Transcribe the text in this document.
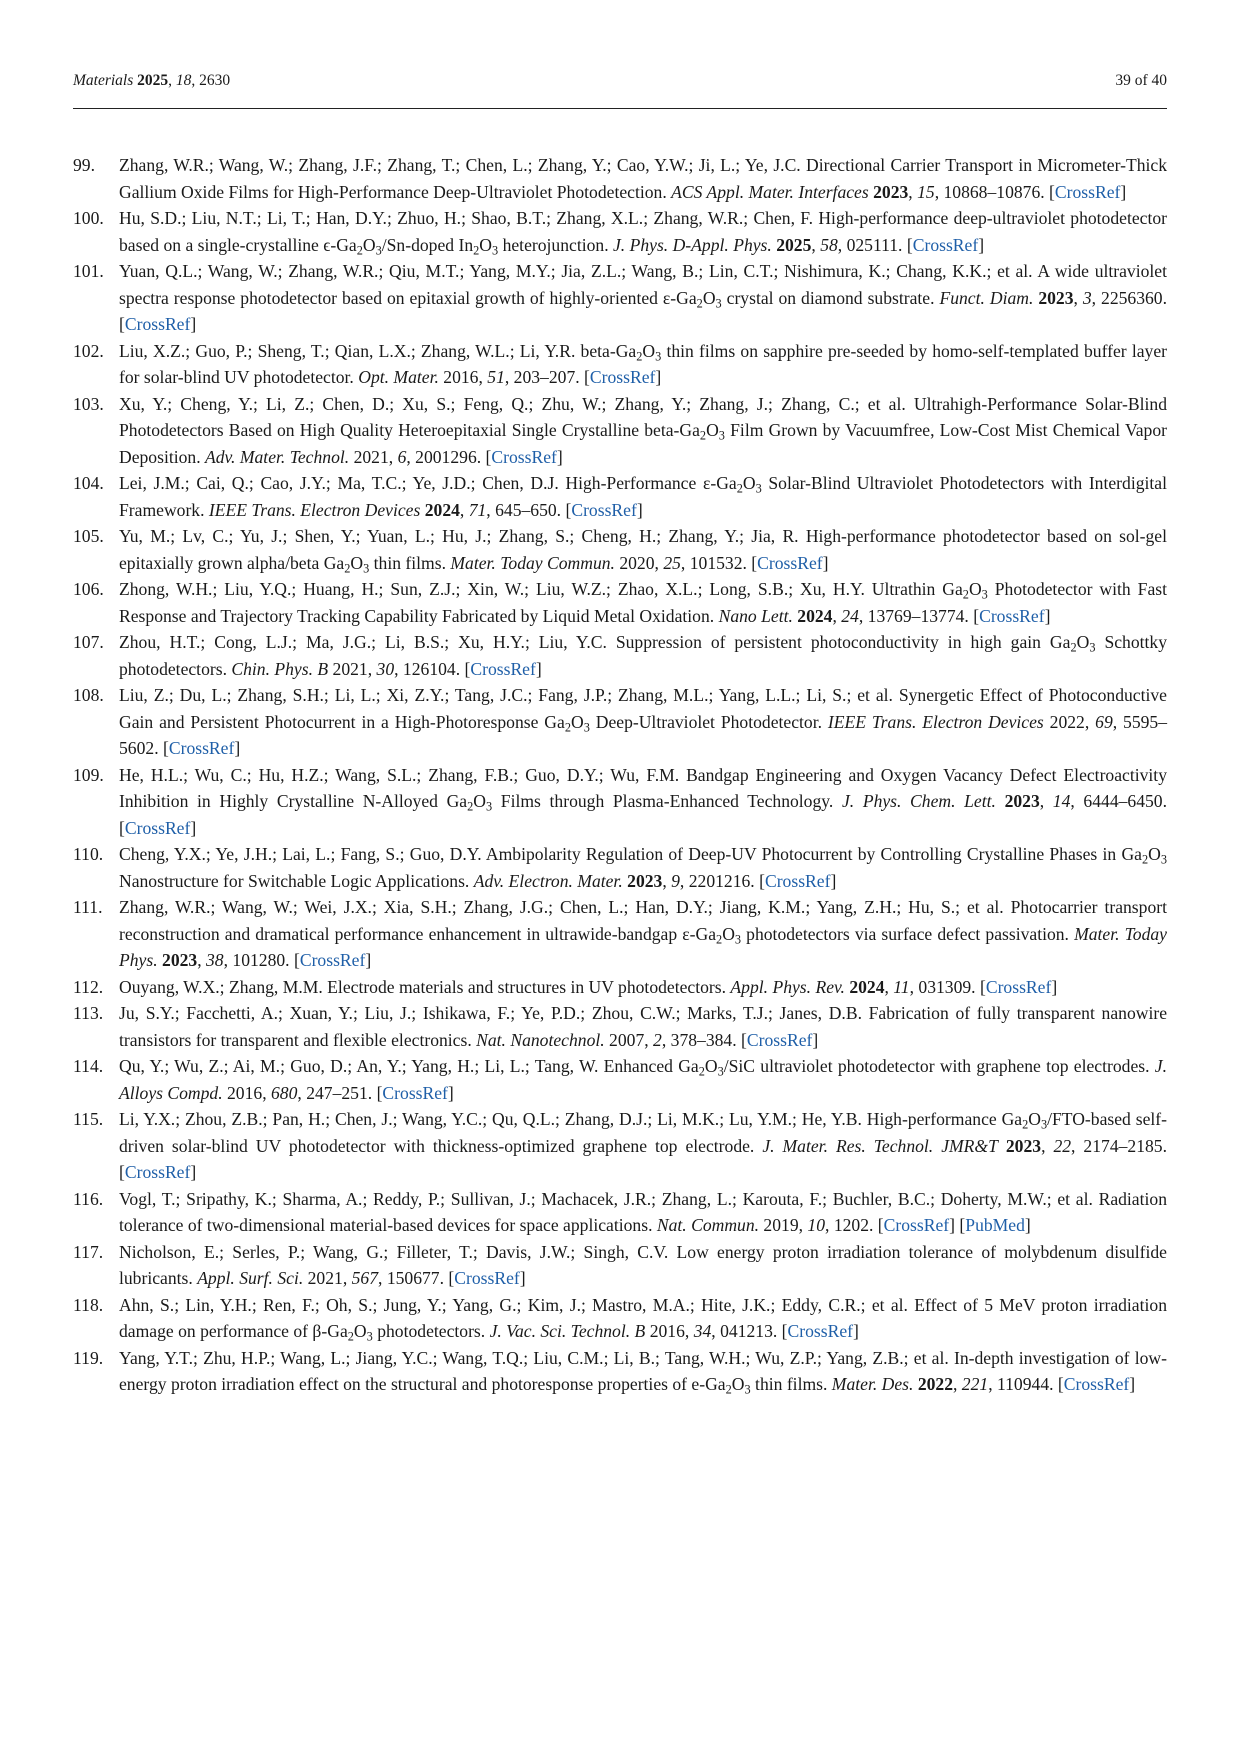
Materials 2025, 18, 2630	39 of 40
99. Zhang, W.R.; Wang, W.; Zhang, J.F.; Zhang, T.; Chen, L.; Zhang, Y.; Cao, Y.W.; Ji, L.; Ye, J.C. Directional Carrier Transport in Micrometer-Thick Gallium Oxide Films for High-Performance Deep-Ultraviolet Photodetection. ACS Appl. Mater. Interfaces 2023, 15, 10868–10876. [CrossRef]
100. Hu, S.D.; Liu, N.T.; Li, T.; Han, D.Y.; Zhuo, H.; Shao, B.T.; Zhang, X.L.; Zhang, W.R.; Chen, F. High-performance deep-ultraviolet photodetector based on a single-crystalline $\epsilon-Ga_2O_3/Sn$-doped $In_2O_3$ heterojunction. J. Phys. D-Appl. Phys. 2025, 58, 025111. [CrossRef]
101. Yuan, Q.L.; Wang, W.; Zhang, W.R.; Qiu, M.T.; Yang, M.Y.; Jia, Z.L.; Wang, B.; Lin, C.T.; Nishimura, K.; Chang, K.K.; et al. A wide ultraviolet spectra response photodetector based on epitaxial growth of highly-oriented $\varepsilon-Ga_2O_3$ crystal on diamond substrate. Funct. Diam. 2023, 3, 2256360. [CrossRef]
102. Liu, X.Z.; Guo, P.; Sheng, T.; Qian, L.X.; Zhang, W.L.; Li, Y.R. beta-$Ga_2O_3$ thin films on sapphire pre-seeded by homo-self-templated buffer layer for solar-blind UV photodetector. Opt. Mater. 2016, 51, 203–207. [CrossRef]
103. Xu, Y.; Cheng, Y.; Li, Z.; Chen, D.; Xu, S.; Feng, Q.; Zhu, W.; Zhang, Y.; Zhang, J.; Zhang, C.; et al. Ultrahigh-Performance Solar-Blind Photodetectors Based on High Quality Heteroepitaxial Single Crystalline beta-$Ga_2O_3$ Film Grown by Vacuumfree, Low-Cost Mist Chemical Vapor Deposition. Adv. Mater. Technol. 2021, 6, 2001296. [CrossRef]
104. Lei, J.M.; Cai, Q.; Cao, J.Y.; Ma, T.C.; Ye, J.D.; Chen, D.J. High-Performance $\varepsilon-Ga_2O_3$ Solar-Blind Ultraviolet Photodetectors with Interdigital Framework. IEEE Trans. Electron Devices 2024, 71, 645–650. [CrossRef]
105. Yu, M.; Lv, C.; Yu, J.; Shen, Y.; Yuan, L.; Hu, J.; Zhang, S.; Cheng, H.; Zhang, Y.; Jia, R. High-performance photodetector based on sol-gel epitaxially grown alpha/beta $Ga_2O_3$ thin films. Mater. Today Commun. 2020, 25, 101532. [CrossRef]
106. Zhong, W.H.; Liu, Y.Q.; Huang, H.; Sun, Z.J.; Xin, W.; Liu, W.Z.; Zhao, X.L.; Long, S.B.; Xu, H.Y. Ultrathin $Ga_2O_3$ Photodetector with Fast Response and Trajectory Tracking Capability Fabricated by Liquid Metal Oxidation. Nano Lett. 2024, 24, 13769–13774. [CrossRef]
107. Zhou, H.T.; Cong, L.J.; Ma, J.G.; Li, B.S.; Xu, H.Y.; Liu, Y.C. Suppression of persistent photoconductivity in high gain $Ga_2O_3$ Schottky photodetectors. Chin. Phys. B 2021, 30, 126104. [CrossRef]
108. Liu, Z.; Du, L.; Zhang, S.H.; Li, L.; Xi, Z.Y.; Tang, J.C.; Fang, J.P.; Zhang, M.L.; Yang, L.L.; Li, S.; et al. Synergetic Effect of Photoconductive Gain and Persistent Photocurrent in a High-Photoresponse $Ga_2O_3$ Deep-Ultraviolet Photodetector. IEEE Trans. Electron Devices 2022, 69, 5595–5602. [CrossRef]
109. He, H.L.; Wu, C.; Hu, H.Z.; Wang, S.L.; Zhang, F.B.; Guo, D.Y.; Wu, F.M. Bandgap Engineering and Oxygen Vacancy Defect Electroactivity Inhibition in Highly Crystalline N-Alloyed $Ga_2O_3$ Films through Plasma-Enhanced Technology. J. Phys. Chem. Lett. 2023, 14, 6444–6450. [CrossRef]
110. Cheng, Y.X.; Ye, J.H.; Lai, L.; Fang, S.; Guo, D.Y. Ambipolarity Regulation of Deep-UV Photocurrent by Controlling Crystalline Phases in $Ga_2O_3$ Nanostructure for Switchable Logic Applications. Adv. Electron. Mater. 2023, 9, 2201216. [CrossRef]
111. Zhang, W.R.; Wang, W.; Wei, J.X.; Xia, S.H.; Zhang, J.G.; Chen, L.; Han, D.Y.; Jiang, K.M.; Yang, Z.H.; Hu, S.; et al. Photocarrier transport reconstruction and dramatical performance enhancement in ultrawide-bandgap $\varepsilon-Ga_2O_3$ photodetectors via surface defect passivation. Mater. Today Phys. 2023, 38, 101280. [CrossRef]
112. Ouyang, W.X.; Zhang, M.M. Electrode materials and structures in UV photodetectors. Appl. Phys. Rev. 2024, 11, 031309. [CrossRef]
113. Ju, S.Y.; Facchetti, A.; Xuan, Y.; Liu, J.; Ishikawa, F.; Ye, P.D.; Zhou, C.W.; Marks, T.J.; Janes, D.B. Fabrication of fully transparent nanowire transistors for transparent and flexible electronics. Nat. Nanotechnol. 2007, 2, 378–384. [CrossRef]
114. Qu, Y.; Wu, Z.; Ai, M.; Guo, D.; An, Y.; Yang, H.; Li, L.; Tang, W. Enhanced $Ga_2O_3$/SiC ultraviolet photodetector with graphene top electrodes. J. Alloys Compd. 2016, 680, 247–251. [CrossRef]
115. Li, Y.X.; Zhou, Z.B.; Pan, H.; Chen, J.; Wang, Y.C.; Qu, Q.L.; Zhang, D.J.; Li, M.K.; Lu, Y.M.; He, Y.B. High-performance $Ga_2O_3/FTO$-based self-driven solar-blind UV photodetector with thickness-optimized graphene top electrode. J. Mater. Res. Technol. JMR&T 2023, 22, 2174–2185. [CrossRef]
116. Vogl, T.; Sripathy, K.; Sharma, A.; Reddy, P.; Sullivan, J.; Machacek, J.R.; Zhang, L.; Karouta, F.; Buchler, B.C.; Doherty, M.W.; et al. Radiation tolerance of two-dimensional material-based devices for space applications. Nat. Commun. 2019, 10, 1202. [CrossRef] [PubMed]
117. Nicholson, E.; Serles, P.; Wang, G.; Filleter, T.; Davis, J.W.; Singh, C.V. Low energy proton irradiation tolerance of molybdenum disulfide lubricants. Appl. Surf. Sci. 2021, 567, 150677. [CrossRef]
118. Ahn, S.; Lin, Y.H.; Ren, F.; Oh, S.; Jung, Y.; Yang, G.; Kim, J.; Mastro, M.A.; Hite, J.K.; Eddy, C.R.; et al. Effect of 5 MeV proton irradiation damage on performance of $\beta-Ga_2O_3$ photodetectors. J. Vac. Sci. Technol. B 2016, 34, 041213. [CrossRef]
119. Yang, Y.T.; Zhu, H.P.; Wang, L.; Jiang, Y.C.; Wang, T.Q.; Liu, C.M.; Li, B.; Tang, W.H.; Wu, Z.P.; Yang, Z.B.; et al. In-depth investigation of low-energy proton irradiation effect on the structural and photoresponse properties of $e-Ga_2O_3$ thin films. Mater. Des. 2022, 221, 110944. [CrossRef]
